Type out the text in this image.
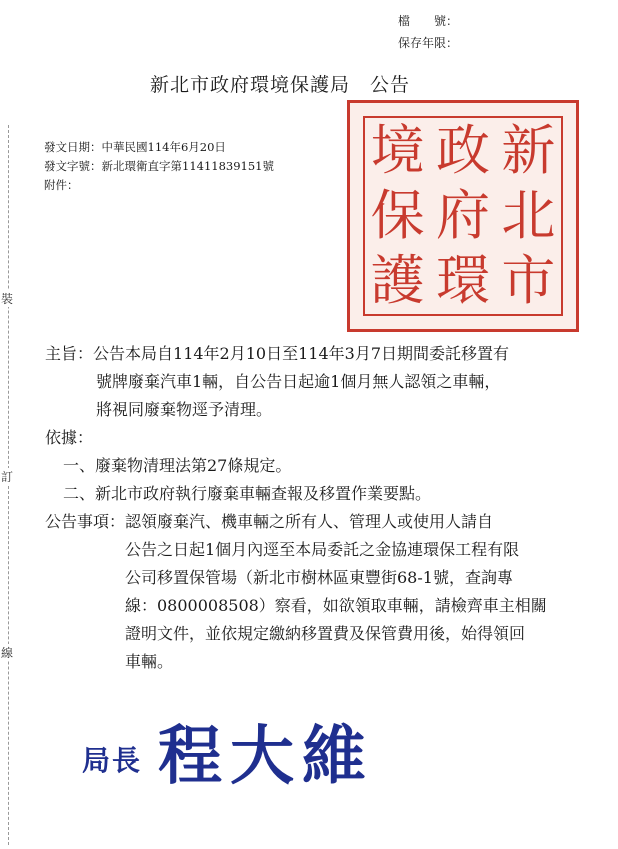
檔　　號：
保存年限：
新北市政府環境保護局　公告
裝
訂
線
發文日期：中華民國114年6月20日
發文字號：新北環衛直字第11411839151號
附件：
新
北
市
政
府
環
境
保
護
主旨：公告本局自114年2月10日至114年3月7日期間委託移置有
號牌廢棄汽車1輛，自公告日起逾1個月無人認領之車輛，
將視同廢棄物逕予清理。
依據：
一、廢棄物清理法第27條規定。
二、新北市政府執行廢棄車輛查報及移置作業要點。
公告事項：認領廢棄汽、機車輛之所有人、管理人或使用人請自
公告之日起1個月內逕至本局委託之金協連環保工程有限
公司移置保管場（新北市樹林區東豐街68-1號，查詢專
線：0800008508）察看，如欲領取車輛，請檢齊車主相關
證明文件，並依規定繳納移置費及保管費用後，始得領回
車輛。
$^{局長}$ 程大維
